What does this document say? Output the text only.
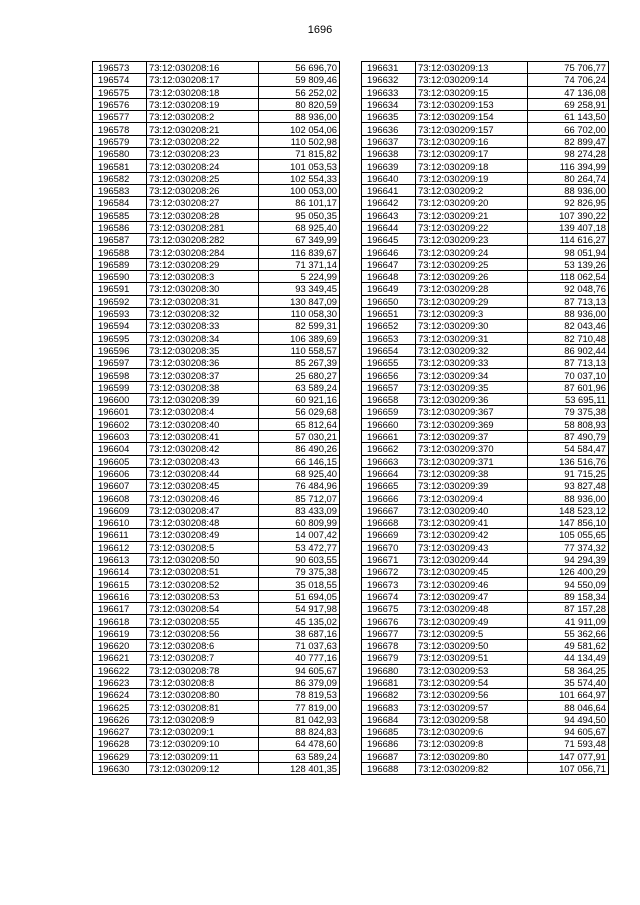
1696
196573	73:12:030208:16	56 696,70
196574	73:12:030208:17	59 809,46
196575	73:12:030208:18	56 252,02
196576	73:12:030208:19	80 820,59
196577	73:12:030208:2	88 936,00
196578	73:12:030208:21	102 054,06
196579	73:12:030208:22	110 502,98
196580	73:12:030208:23	71 815,82
196581	73:12:030208:24	101 053,53
196582	73:12:030208:25	102 554,33
196583	73:12:030208:26	100 053,00
196584	73:12:030208:27	86 101,17
196585	73:12:030208:28	95 050,35
196586	73:12:030208:281	68 925,40
196587	73:12:030208:282	67 349,99
196588	73:12:030208:284	116 839,67
196589	73:12:030208:29	71 371,14
196590	73:12:030208:3	5 224,99
196591	73:12:030208:30	93 349,45
196592	73:12:030208:31	130 847,09
196593	73:12:030208:32	110 058,30
196594	73:12:030208:33	82 599,31
196595	73:12:030208:34	106 389,69
196596	73:12:030208:35	110 558,57
196597	73:12:030208:36	85 267,39
196598	73:12:030208:37	25 680,27
196599	73:12:030208:38	63 589,24
196600	73:12:030208:39	60 921,16
196601	73:12:030208:4	56 029,68
196602	73:12:030208:40	65 812,64
196603	73:12:030208:41	57 030,21
196604	73:12:030208:42	86 490,26
196605	73:12:030208:43	66 146,15
196606	73:12:030208:44	68 925,40
196607	73:12:030208:45	76 484,96
196608	73:12:030208:46	85 712,07
196609	73:12:030208:47	83 433,09
196610	73:12:030208:48	60 809,99
196611	73:12:030208:49	14 007,42
196612	73:12:030208:5	53 472,77
196613	73:12:030208:50	90 603,55
196614	73:12:030208:51	79 375,38
196615	73:12:030208:52	35 018,55
196616	73:12:030208:53	51 694,05
196617	73:12:030208:54	54 917,98
196618	73:12:030208:55	45 135,02
196619	73:12:030208:56	38 687,16
196620	73:12:030208:6	71 037,63
196621	73:12:030208:7	40 777,16
196622	73:12:030208:78	94 605,67
196623	73:12:030208:8	86 379,09
196624	73:12:030208:80	78 819,53
196625	73:12:030208:81	77 819,00
196626	73:12:030208:9	81 042,93
196627	73:12:030209:1	88 824,83
196628	73:12:030209:10	64 478,60
196629	73:12:030209:11	63 589,24
196630	73:12:030209:12	128 401,35
196631	73:12:030209:13	75 706,77
196632	73:12:030209:14	74 706,24
196633	73:12:030209:15	47 136,08
196634	73:12:030209:153	69 258,91
196635	73:12:030209:154	61 143,50
196636	73:12:030209:157	66 702,00
196637	73:12:030209:16	82 899,47
196638	73:12:030209:17	98 274,28
196639	73:12:030209:18	116 394,99
196640	73:12:030209:19	80 264,74
196641	73:12:030209:2	88 936,00
196642	73:12:030209:20	92 826,95
196643	73:12:030209:21	107 390,22
196644	73:12:030209:22	139 407,18
196645	73:12:030209:23	114 616,27
196646	73:12:030209:24	98 051,94
196647	73:12:030209:25	53 139,26
196648	73:12:030209:26	118 062,54
196649	73:12:030209:28	92 048,76
196650	73:12:030209:29	87 713,13
196651	73:12:030209:3	88 936,00
196652	73:12:030209:30	82 043,46
196653	73:12:030209:31	82 710,48
196654	73:12:030209:32	86 902,44
196655	73:12:030209:33	87 713,13
196656	73:12:030209:34	70 037,10
196657	73:12:030209:35	87 601,96
196658	73:12:030209:36	53 695,11
196659	73:12:030209:367	79 375,38
196660	73:12:030209:369	58 808,93
196661	73:12:030209:37	87 490,79
196662	73:12:030209:370	54 584,47
196663	73:12:030209:371	136 516,76
196664	73:12:030209:38	91 715,25
196665	73:12:030209:39	93 827,48
196666	73:12:030209:4	88 936,00
196667	73:12:030209:40	148 523,12
196668	73:12:030209:41	147 856,10
196669	73:12:030209:42	105 055,65
196670	73:12:030209:43	77 374,32
196671	73:12:030209:44	94 294,39
196672	73:12:030209:45	126 400,29
196673	73:12:030209:46	94 550,09
196674	73:12:030209:47	89 158,34
196675	73:12:030209:48	87 157,28
196676	73:12:030209:49	41 911,09
196677	73:12:030209:5	55 362,66
196678	73:12:030209:50	49 581,62
196679	73:12:030209:51	44 134,49
196680	73:12:030209:53	58 364,25
196681	73:12:030209:54	35 574,40
196682	73:12:030209:56	101 664,97
196683	73:12:030209:57	88 046,64
196684	73:12:030209:58	94 494,50
196685	73:12:030209:6	94 605,67
196686	73:12:030209:8	71 593,48
196687	73:12:030209:80	147 077,91
196688	73:12:030209:82	107 056,71
